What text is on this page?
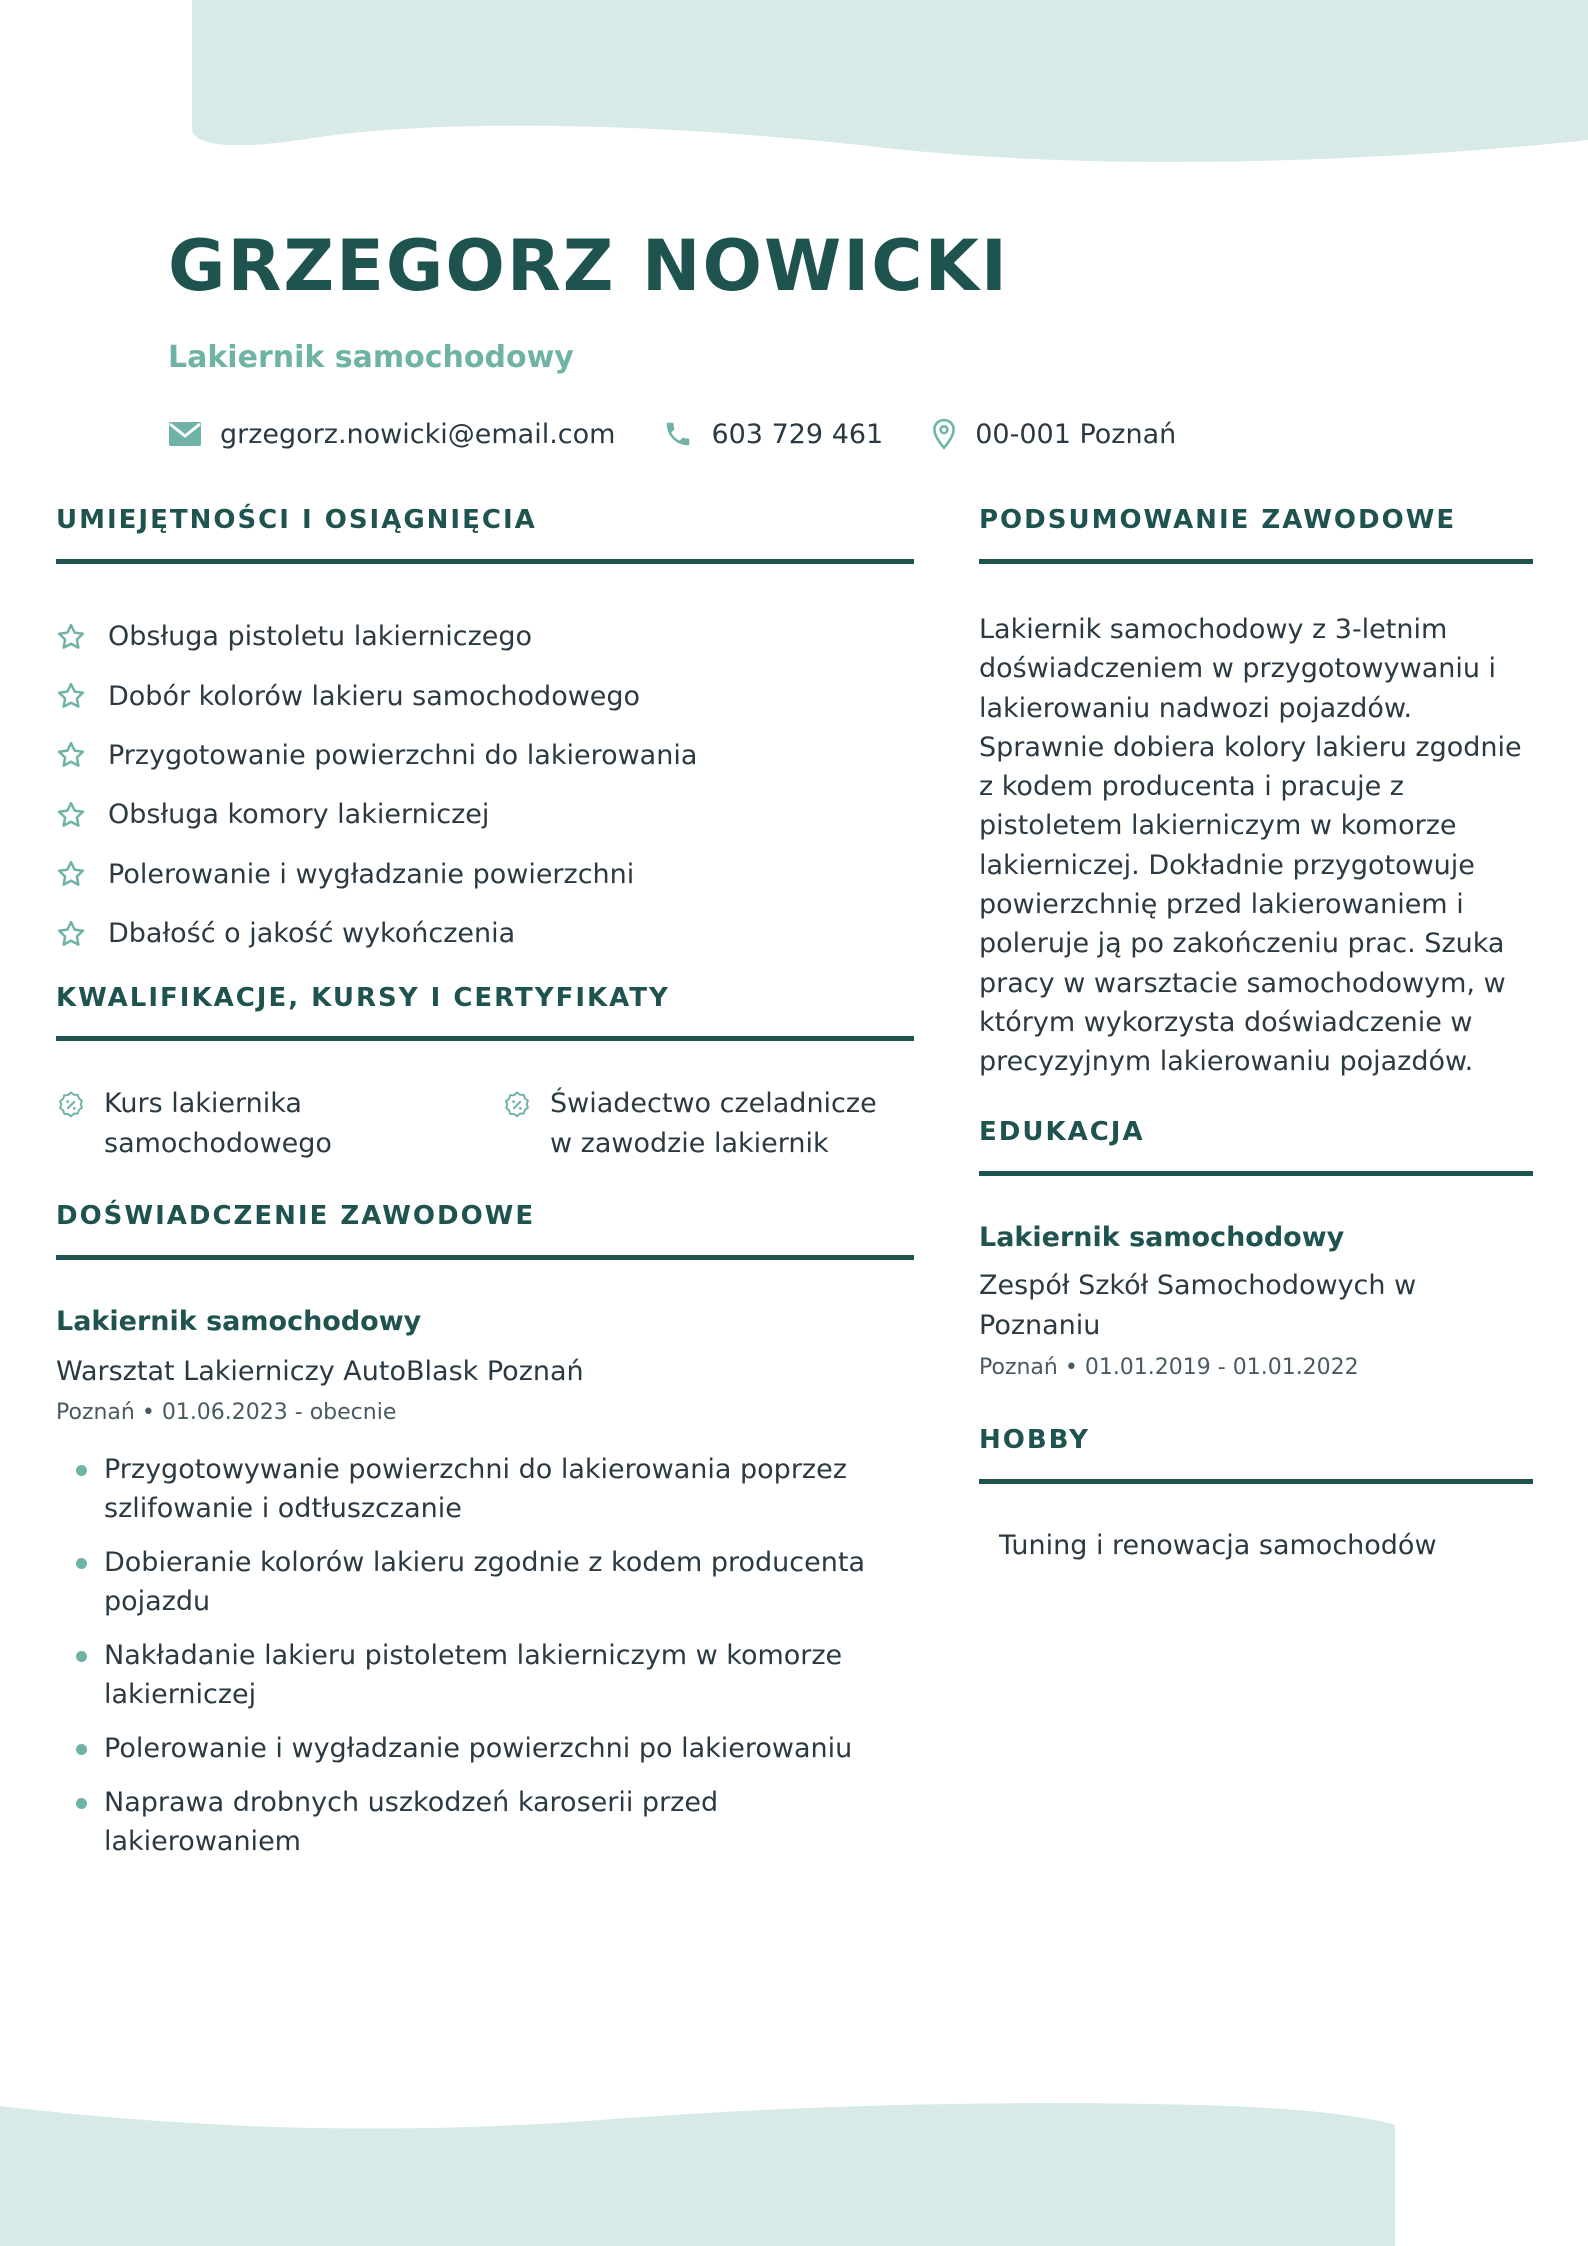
GRZEGORZ NOWICKI
Lakiernik samochodowy
grzegorz.nowicki@email.com	603 729 461	00-001 Poznań
UMIEJĘTNOŚCI I OSIĄGNIĘCIA
Obsługa pistoletu lakierniczego
Dobór kolorów lakieru samochodowego
Przygotowanie powierzchni do lakierowania
Obsługa komory lakierniczej
Polerowanie i wygładzanie powierzchni
Dbałość o jakość wykończenia
KWALIFIKACJE, KURSY I CERTYFIKATY
Kurs lakiernika
samochodowego
Świadectwo czeladnicze
w zawodzie lakiernik
DOŚWIADCZENIE ZAWODOWE
Lakiernik samochodowy
Warsztat Lakierniczy AutoBlask Poznań
Poznań • 01.06.2023 - obecnie
Przygotowywanie powierzchni do lakierowania poprzez szlifowanie i odtłuszczanie
Dobieranie kolorów lakieru zgodnie z kodem producenta pojazdu
Nakładanie lakieru pistoletem lakierniczym w komorze lakierniczej
Polerowanie i wygładzanie powierzchni po lakierowaniu
Naprawa drobnych uszkodzeń karoserii przed lakierowaniem
PODSUMOWANIE ZAWODOWE

Lakiernik samochodowy z 3-letnim doświadczeniem w przygotowywaniu i lakierowaniu nadwozi pojazdów. Sprawnie dobiera kolory lakieru zgodnie z kodem producenta i pracuje z pistoletem lakierniczym w komorze lakierniczej. Dokładnie przygotowuje powierzchnię przed lakierowaniem i poleruje ją po zakończeniu prac. Szuka pracy w warsztacie samochodowym, w którym wykorzysta doświadczenie w precyzyjnym lakierowaniu pojazdów.

EDUKACJA
Lakiernik samochodowy
Zespół Szkół Samochodowych w Poznaniu
Poznań • 01.01.2019 - 01.01.2022
HOBBY
Tuning i renowacja samochodów
